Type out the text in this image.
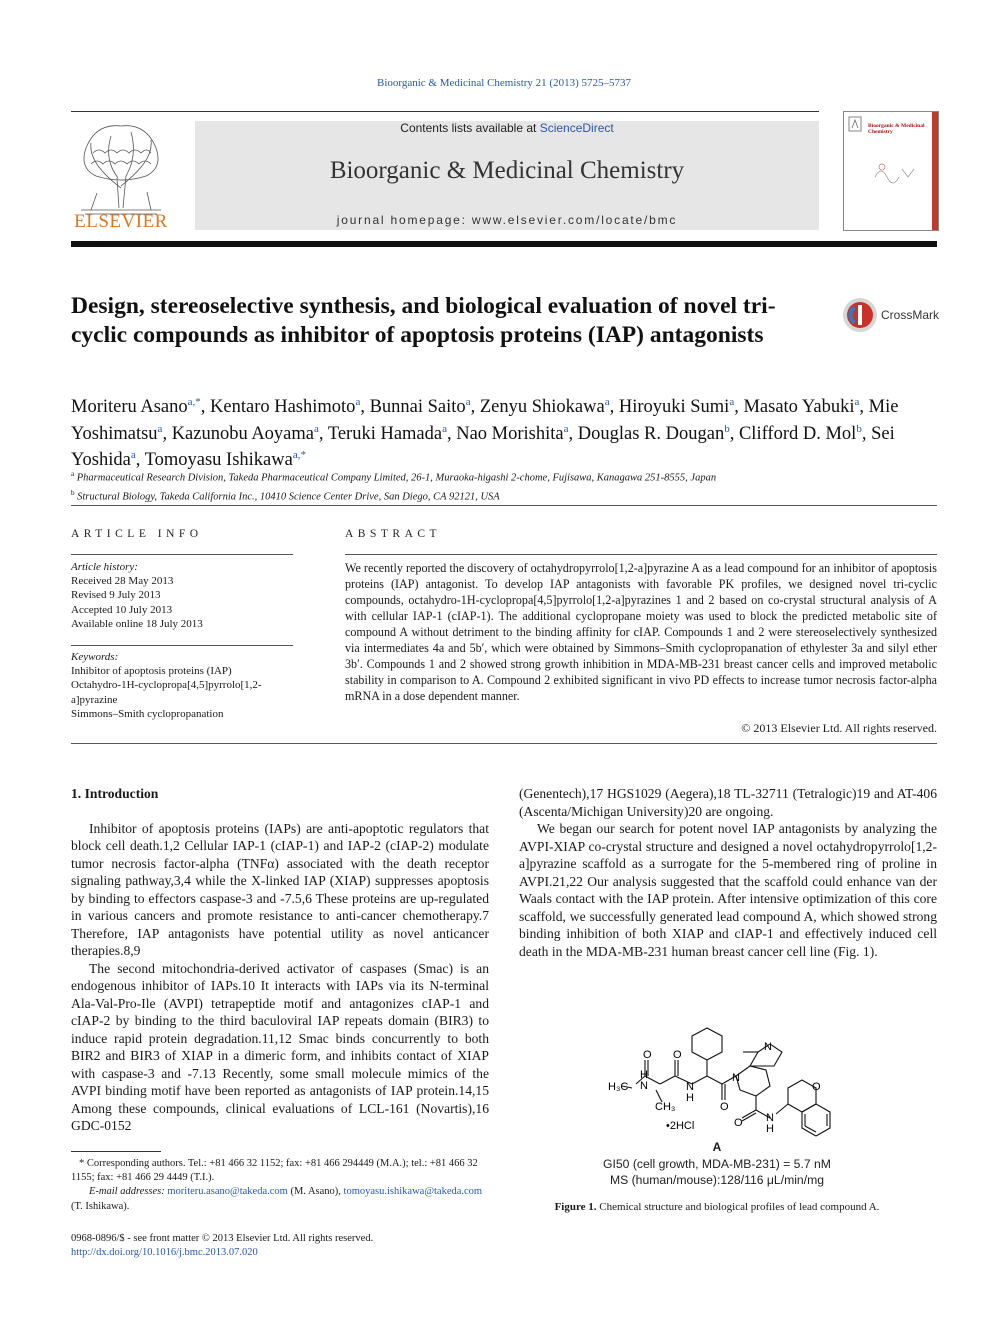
Bioorganic & Medicinal Chemistry 21 (2013) 5725–5737
ELSEVIER
Contents lists available at ScienceDirect
Bioorganic & Medicinal Chemistry
journal homepage: www.elsevier.com/locate/bmc
Bioorganic & Medicinal Chemistry
Design, stereoselective synthesis, and biological evaluation of novel tri-cyclic compounds as inhibitor of apoptosis proteins (IAP) antagonists
CrossMark
Moriteru Asano$^{a,*}$, Kentaro Hashimoto$^a$, Bunnai Saito$^a$, Zenyu Shiokawa$^a$, Hiroyuki Sumi$^a$, Masato Yabuki$^a$, Mie Yoshimatsu$^a$, Kazunobu Aoyama$^a$, Teruki Hamada$^a$, Nao Morishita$^a$, Douglas R. Dougan$^b$, Clifford D. Mol$^b$, Sei Yoshida$^a$, Tomoyasu Ishikawa$^{a,*}$
$^a$ Pharmaceutical Research Division, Takeda Pharmaceutical Company Limited, 26-1, Muraoka-higashi 2-chome, Fujisawa, Kanagawa 251-8555, Japan
$^b$ Structural Biology, Takeda California Inc., 10410 Science Center Drive, San Diego, CA 92121, USA
ARTICLE INFO
Article history:
Received 28 May 2013
Revised 9 July 2013
Accepted 10 July 2013
Available online 18 July 2013
Keywords:
Inhibitor of apoptosis proteins (IAP)
Octahydro-1H-cyclopropa[4,5]pyrrolo[1,2-a]pyrazine
Simmons–Smith cyclopropanation
ABSTRACT
We recently reported the discovery of octahydropyrrolo[1,2-a]pyrazine A as a lead compound for an inhibitor of apoptosis proteins (IAP) antagonist. To develop IAP antagonists with favorable PK profiles, we designed novel tri-cyclic compounds, octahydro-1H-cyclopropa[4,5]pyrrolo[1,2-a]pyrazines 1 and 2 based on co-crystal structural analysis of A with cellular IAP-1 (cIAP-1). The additional cyclopropane moiety was used to block the predicted metabolic site of compound A without detriment to the binding affinity for cIAP. Compounds 1 and 2 were stereoselectively synthesized via intermediates 4a and 5b′, which were obtained by Simmons–Smith cyclopropanation of ethylester 3a and silyl ether 3b′. Compounds 1 and 2 showed strong growth inhibition in MDA-MB-231 breast cancer cells and improved metabolic stability in comparison to A. Compound 2 exhibited significant in vivo PD effects to increase tumor necrosis factor-alpha mRNA in a dose dependent manner.
© 2013 Elsevier Ltd. All rights reserved.

1. Introduction

Inhibitor of apoptosis proteins (IAPs) are anti-apoptotic regulators that block cell death.1,2 Cellular IAP-1 (cIAP-1) and IAP-2 (cIAP-2) modulate tumor necrosis factor-alpha (TNFα) associated with the death receptor signaling pathway,3,4 while the X-linked IAP (XIAP) suppresses apoptosis by binding to effectors caspase-3 and -7.5,6 These proteins are up-regulated in various cancers and promote resistance to anti-cancer chemotherapy.7 Therefore, IAP antagonists have potential utility as novel anticancer therapies.8,9

The second mitochondria-derived activator of caspases (Smac) is an endogenous inhibitor of IAPs.10 It interacts with IAPs via its N-terminal Ala-Val-Pro-Ile (AVPI) tetrapeptide motif and antagonizes cIAP-1 and cIAP-2 by binding to the third baculoviral IAP repeats domain (BIR3) to induce rapid protein degradation.11,12 Smac binds concurrently to both BIR2 and BIR3 of XIAP in a dimeric form, and inhibits contact of XIAP with caspase-3 and -7.13 Recently, some small molecule mimics of the AVPI binding motif have been reported as antagonists of IAP protein.14,15 Among these compounds, clinical evaluations of LCL-161 (Novartis),16 GDC-0152

(Genentech),17 HGS1029 (Aegera),18 TL-32711 (Tetralogic)19 and AT-406 (Ascenta/Michigan University)20 are ongoing.

We began our search for potent novel IAP antagonists by analyzing the AVPI-XIAP co-crystal structure and designed a novel octahydropyrrolo[1,2-a]pyrazine scaffold as a surrogate for the 5-membered ring of proline in AVPI.21,22 Our analysis suggested that the scaffold could enhance van der Waals contact with the IAP protein. After intensive optimization of this core scaffold, we successfully generated lead compound A, which showed strong binding inhibition of both XIAP and cIAP-1 and effectively induced cell death in the MDA-MB-231 human breast cancer cell line (Fig. 1).

* Corresponding authors. Tel.: +81 466 32 1152; fax: +81 466 294449 (M.A.); tel.: +81 466 32 1155; fax: +81 466 29 4449 (T.I.).
E-mail addresses: moriteru.asano@takeda.com (M. Asano), tomoyasu.ishikawa@takeda.com (T. Ishikawa).
0968-0896/$ - see front matter © 2013 Elsevier Ltd. All rights reserved.
http://dx.doi.org/10.1016/j.bmc.2013.07.020
O
O
O
O
O
N
N
N
H
H
N
H₃C
CH₃
N
H
•2HCl
A
GI50 (cell growth, MDA-MB-231) = 5.7 nM
MS (human/mouse):128/116 μL/min/mg
Figure 1. Chemical structure and biological profiles of lead compound A.
